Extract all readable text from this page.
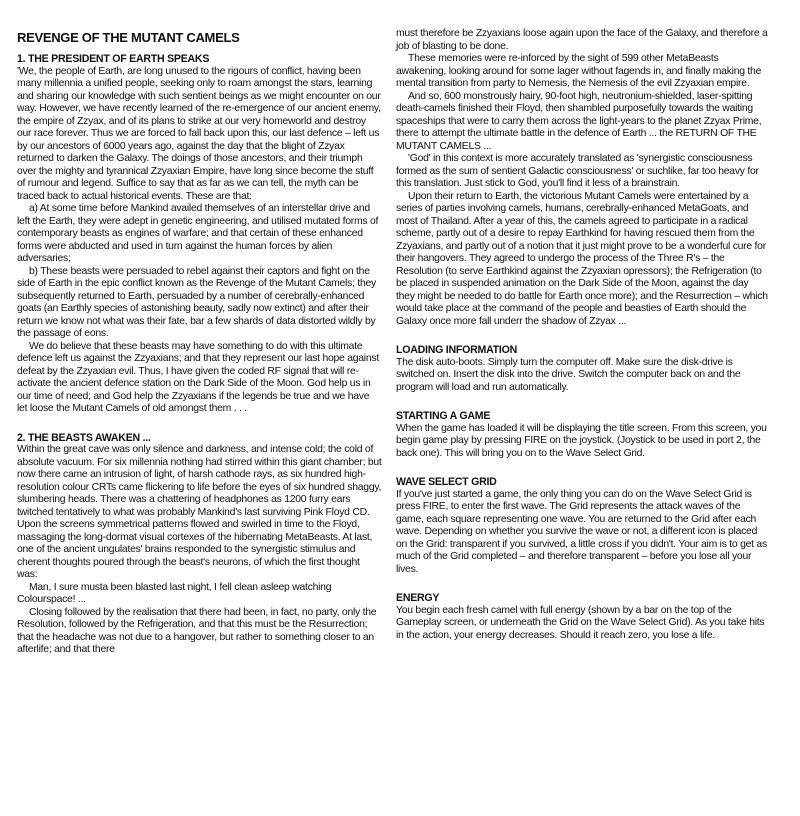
REVENGE OF THE MUTANT CAMELS
1. THE PRESIDENT OF EARTH SPEAKS

'We, the people of Earth, are long unused to the rigours of conflict, having been many millennia a unified people, seeking only to roam amongst the stars, learning and sharing our knowledge with such sentient beings as we might encounter on our way. However, we have recently learned of the re-emergence of our ancient enemy, the empire of Zzyax, and of its plans to strike at our very homeworld and destroy our race forever. Thus we are forced to fall back upon this, our last defence – left us by our ancestors of 6000 years ago, against the day that the blight of Zzyax returned to darken the Galaxy. The doings of those ancestors, and their triumph over the mighty and tyrannical Zzyaxian Empire, have long since become the stuff of rumour and legend. Suffice to say that as far as we can tell, the myth can be traced back to actual historical events. These are that:

a) At some time before Mankind availed themselves of an interstellar drive and left the Earth, they were adept in genetic engineering, and utilised mutated forms of contemporary beasts as engines of warfare; and that certain of these enhanced forms were abducted and used in turn against the human forces by alien adversaries;

b) These beasts were persuaded to rebel against their captors and fight on the side of Earth in the epic conflict known as the Revenge of the Mutant Camels; they subsequently returned to Earth, persuaded by a number of cerebrally-enhanced goats (an Earthly species of astonishing beauty, sadly now extinct) and after their return we know not what was their fate, bar a few shards of data distorted wildly by the passage of eons.

We do believe that these beasts may have something to do with this ultimate defence left us against the Zzyaxians; and that they represent our last hope against defeat by the Zzyaxian evil. Thus, I have given the coded RF signal that will re-activate the ancient defence station on the Dark Side of the Moon. God help us in our time of need; and God help the Zzyaxians if the legends be true and we have let loose the Mutant Camels of old amongst them . . .

2. THE BEASTS AWAKEN ...

Within the great cave was only silence and darkness, and intense cold; the cold of absolute vacuum. For six millennia nothing had stirred within this giant chamber; but now there came an intrusion of light, of harsh cathode rays, as six hundred high-resolution colour CRTs came flickering to life before the eyes of six hundred shaggy, slumbering heads. There was a chattering of headphones as 1200 furry ears twitched tentatively to what was probably Mankind's last surviving Pink Floyd CD. Upon the screens symmetrical patterns flowed and swirled in time to the Floyd, massaging the long-dormat visual cortexes of the hibernating MetaBeasts. At last, one of the ancient ungulates' brains responded to the synergistic stimulus and cherent thoughts poured through the beast's neurons, of which the first thought was:

Man, I sure musta been blasted last night, I fell clean asleep watching Colourspace! ...

Closing followed by the realisation that there had been, in fact, no party, only the Resolution, followed by the Refrigeration, and that this must be the Resurrection; that the headache was not due to a hangover, but rather to something closer to an afterlife; and that there

must therefore be Zzyaxians loose again upon the face of the Galaxy, and therefore a job of blasting to be done.

These memories were re-inforced by the sight of 599 other MetaBeasts awakening, looking around for some lager without fagends in, and finally making the mental transition from party to Nemesis, the Nemesis of the evil Zzyaxian empire.

And so, 600 monstrously hairy, 90-foot high, neutronium-shielded, laser-spitting death-camels finished their Floyd, then shambled purposefully towards the waiting spaceships that were to carry them across the light-years to the planet Zzyax Prime, there to attempt the ultimate battle in the defence of Earth ... the RETURN OF THE MUTANT CAMELS ...

'God' in this context is more accurately translated as 'synergistic consciousness formed as the sum of sentient Galactic consciousness' or suchlike, far too heavy for this translation. Just stick to God, you'll find it less of a brainstrain.

Upon their return to Earth, the victorious Mutant Camels were entertained by a series of parties involving camels, humans, cerebrally-enhanced MetaGoats, and most of Thailand. After a year of this, the camels agreed to participate in a radical scheme, partly out of a desire to repay Earthkind for having rescued them from the Zzyaxians, and partly out of a notion that it just might prove to be a wonderful cure for their hangovers. They agreed to undergo the process of the Three R's – the Resolution (to serve Earthkind against the Zzyaxian opressors); the Refrigeration (to be placed in suspended animation on the Dark Side of the Moon, against the day they might be needed to do battle for Earth once more); and the Resurrection – which would take place at the command of the people and beasties of Earth should the Galaxy once more fall underr the shadow of Zzyax ...

LOADING INFORMATION

The disk auto-boots. Simply turn the computer off. Make sure the disk-drive is switched on. Insert the disk into the drive. Switch the computer back on and the program will load and run automatically.

STARTING A GAME

When the game has loaded it will be displaying the title screen. From this screen, you begin game play by pressing FIRE on the joystick. (Joystick to be used in port 2, the back one). This will bring you on to the Wave Select Grid.

WAVE SELECT GRID

If you've just started a game, the only thing you can do on the Wave Select Grid is press FIRE, to enter the first wave. The Grid represents the attack waves of the game, each square representing one wave. You are returned to the Grid after each wave. Depending on whether you survive the wave or not, a different icon is placed on the Grid: transparent if you survived, a little cross if you didn't. Your aim is to get as much of the Grid completed – and therefore transparent – before you lose all your lives.

ENERGY

You begin each fresh camel with full energy (shown by a bar on the top of the Gameplay screen, or underneath the Grid on the Wave Select Grid). As you take hits in the action, your energy decreases. Should it reach zero, you lose a life.
